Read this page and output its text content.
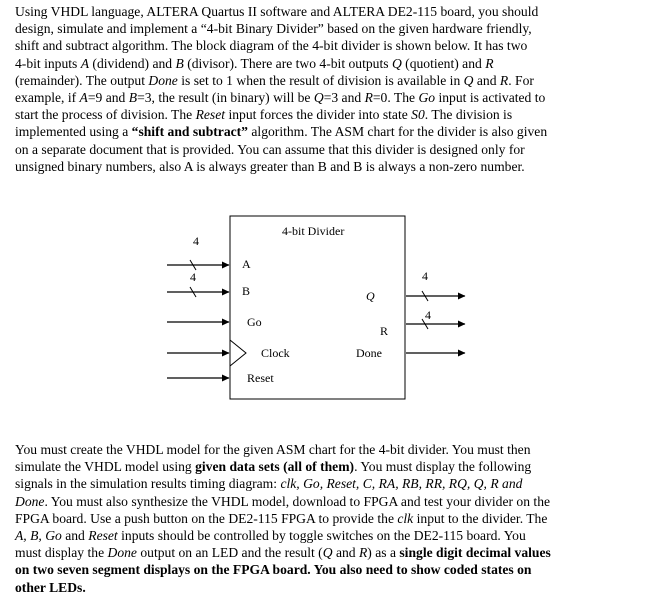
Using VHDL language, ALTERA Quartus II software and ALTERA DE2-115 board, you should
design, simulate and implement a “4-bit Binary Divider” based on the given hardware friendly,
shift and subtract algorithm. The block diagram of the 4-bit divider is shown below. It has two
4-bit inputs A (dividend) and B (divisor). There are two 4-bit outputs Q (quotient) and R
(remainder). The output Done is set to 1 when the result of division is available in Q and R. For
example, if A=9 and B=3, the result (in binary) will be Q=3 and R=0. The Go input is activated to
start the process of division. The Reset input forces the divider into state S0. The division is
implemented using a “shift and subtract” algorithm. The ASM chart for the divider is also given
on a separate document that is provided. You can assume that this divider is designed only for
unsigned binary numbers, also A is always greater than B and B is always a non-zero number.
4-bit Divider
4
A
4
B
Go
Clock
Reset
Q
4
R
4
Done
You must create the VHDL model for the given ASM chart for the 4-bit divider. You must then
simulate the VHDL model using given data sets (all of them). You must display the following
signals in the simulation results timing diagram: clk, Go, Reset, C, RA, RB, RR, RQ, Q, R and
Done. You must also synthesize the VHDL model, download to FPGA and test your divider on the
FPGA board. Use a push button on the DE2-115 FPGA to provide the clk input to the divider. The
A, B, Go and Reset inputs should be controlled by toggle switches on the DE2-115 board. You
must display the Done output on an LED and the result (Q and R) as a single digit decimal values
on two seven segment displays on the FPGA board. You also need to show coded states on
other LEDs.
